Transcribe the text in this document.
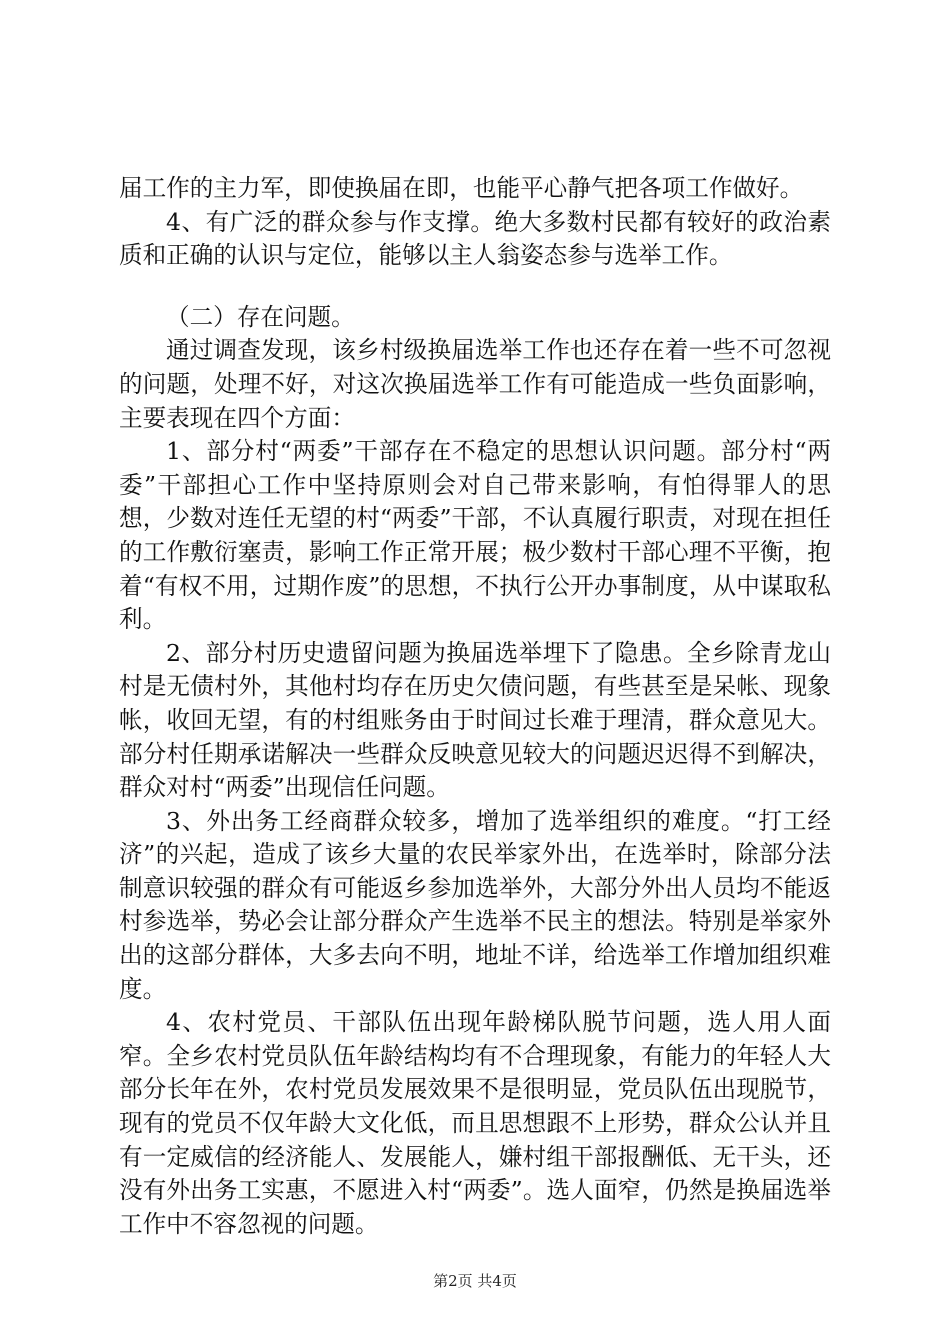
届工作的主力军，即使换届在即，也能平心静气把各项工作做好。

4、有广泛的群众参与作支撑。绝大多数村民都有较好的政治素质和正确的认识与定位，能够以主人翁姿态参与选举工作。

（二）存在问题。

通过调查发现，该乡村级换届选举工作也还存在着一些不可忽视的问题，处理不好，对这次换届选举工作有可能造成一些负面影响，主要表现在四个方面：

1、部分村“两委”干部存在不稳定的思想认识问题。部分村“两委”干部担心工作中坚持原则会对自己带来影响，有怕得罪人的思想，少数对连任无望的村“两委”干部，不认真履行职责，对现在担任的工作敷衍塞责，影响工作正常开展；极少数村干部心理不平衡，抱着“有权不用，过期作废”的思想，不执行公开办事制度，从中谋取私利。

2、部分村历史遗留问题为换届选举埋下了隐患。全乡除青龙山村是无债村外，其他村均存在历史欠债问题，有些甚至是呆帐、现象帐，收回无望，有的村组账务由于时间过长难于理清，群众意见大。部分村任期承诺解决一些群众反映意见较大的问题迟迟得不到解决，群众对村“两委”出现信任问题。

3、外出务工经商群众较多，增加了选举组织的难度。“打工经济”的兴起，造成了该乡大量的农民举家外出，在选举时，除部分法制意识较强的群众有可能返乡参加选举外，大部分外出人员均不能返村参选举，势必会让部分群众产生选举不民主的想法。特别是举家外出的这部分群体，大多去向不明，地址不详，给选举工作增加组织难度。

4、农村党员、干部队伍出现年龄梯队脱节问题，选人用人面窄。全乡农村党员队伍年龄结构均有不合理现象，有能力的年轻人大部分长年在外，农村党员发展效果不是很明显，党员队伍出现脱节，现有的党员不仅年龄大文化低，而且思想跟不上形势，群众公认并且有一定威信的经济能人、发展能人，嫌村组干部报酬低、无干头，还没有外出务工实惠，不愿进入村“两委”。选人面窄，仍然是换届选举工作中不容忽视的问题。

第2页 共4页
